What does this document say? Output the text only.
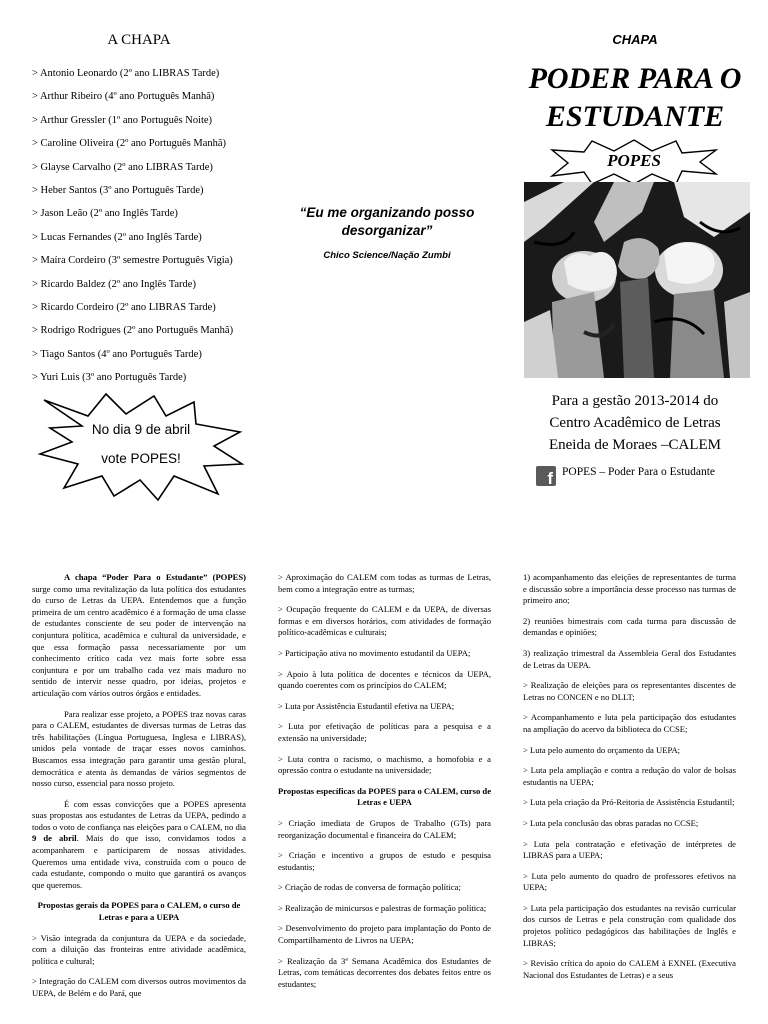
A CHAPA
> Antonio Leonardo (2º ano LIBRAS Tarde)
> Arthur Ribeiro (4º ano Português Manhã)
> Arthur Gressler (1º ano Português Noite)
> Caroline Oliveira (2º ano Português Manhã)
> Glayse Carvalho (2º ano LIBRAS Tarde)
> Heber Santos (3º ano Português Tarde)
> Jason Leão (2º ano Inglês Tarde)
> Lucas Fernandes (2º ano Inglês Tarde)
> Maíra Cordeiro (3º semestre Português Vigia)
> Ricardo Baldez (2º ano Inglês Tarde)
> Ricardo Cordeiro (2º ano LIBRAS Tarde)
> Rodrigo Rodrigues (2º ano Português Manhã)
> Tiago Santos (4º ano Português Tarde)
> Yuri Luis (3º ano Português Tarde)
No dia 9 de abril
vote POPES!
“Eu me organizando posso desorganizar”
Chico Science/Nação Zumbi
CHAPA
PODER PARA O
ESTUDANTE
POPES
Para a gestão 2013-2014 do
Centro Acadêmico de Letras
Eneida de Moraes –CALEM
f POPES – Poder Para o Estudante

A chapa “Poder Para o Estudante” (POPES) surge como uma revitalização da luta política dos estudantes do curso de Letras da UEPA. Entendemos que a função primeira de um centro acadêmico é a formação de uma classe de estudantes consciente de seu poder de intervenção na conjuntura política, acadêmica e cultural da universidade, e que essa formação passa necessariamente por um conhecimento crítico cada vez mais forte sobre essa conjuntura e por um trabalho cada vez mais maduro no sentido de intervir nesse quadro, por ideias, projetos e articulação com vários outros órgãos e entidades.

Para realizar esse projeto, a POPES traz novas caras para o CALEM, estudantes de diversas turmas de Letras das três habilitações (Língua Portuguesa, Inglesa e LIBRAS), unidos pela vontade de traçar esses novos caminhos. Buscamos essa integração para garantir uma gestão plural, democrática e atenta às demandas de vários segmentos de nosso curso, essencial para nosso projeto.

É com essas convicções que a POPES apresenta suas propostas aos estudantes de Letras da UEPA, pedindo a todos o voto de confiança nas eleições para o CALEM, no dia 9 de abril. Mais do que isso, convidamos todos a acompanharem e participarem de nossas atividades. Queremos uma entidade viva, construída com o pouco de cada estudante, compondo o muito que garantirá os avanços que queremos.

Propostas gerais da POPES para o CALEM, o curso de Letras e para a UEPA

> Visão integrada da conjuntura da UEPA e da sociedade, com a diluição das fronteiras entre atividade acadêmica, política e cultural;

> Integração do CALEM com diversos outros movimentos da UEPA, de Belém e do Pará, que

> Aproximação do CALEM com todas as turmas de Letras, bem como a integração entre as turmas;

> Ocupação frequente do CALEM e da UEPA, de diversas formas e em diversos horários, com atividades de formação político-acadêmicas e culturais;

> Participação ativa no movimento estudantil da UEPA;

> Apoio à luta política de docentes e técnicos da UEPA, quando coerentes com os princípios do CALEM;

> Luta por Assistência Estudantil efetiva na UEPA;

> Luta por efetivação de políticas para a pesquisa e a extensão na universidade;

> Luta contra o racismo, o machismo, a homofobia e a opressão contra o estudante na universidade;

Propostas específicas da POPES para o CALEM, curso de Letras e UEPA

> Criação imediata de Grupos de Trabalho (GTs) para reorganização documental e financeira do CALEM;

> Criação e incentivo a grupos de estudo e pesquisa estudantis;

> Criação de rodas de conversa de formação política;

> Realização de minicursos e palestras de formação política;

> Desenvolvimento do projeto para implantação do Ponto de Compartilhamento de Livros na UEPA;

> Realização da 3ª Semana Acadêmica dos Estudantes de Letras, com temáticas decorrentes dos debates feitos entre os estudantes;

1) acompanhamento das eleições de representantes de turma e discussão sobre a importância desse processo nas turmas de primeiro ano;

2) reuniões bimestrais com cada turma para discussão de demandas e opiniões;

3) realização trimestral da Assembleia Geral dos Estudantes de Letras da UEPA.

> Realização de eleições para os representantes discentes de Letras no CONCEN e no DLLT;

> Acompanhamento e luta pela participação dos estudantes na ampliação do acervo da biblioteca do CCSE;

> Luta pelo aumento do orçamento da UEPA;

> Luta pela ampliação e contra a redução do valor de bolsas estudantis na UEPA;

> Luta pela criação da Pró-Reitoria de Assistência Estudantil;

> Luta pela conclusão das obras paradas no CCSE;

> Luta pela contratação e efetivação de intérpretes de LIBRAS para a UEPA;

> Luta pelo aumento do quadro de professores efetivos na UEPA;

> Luta pela participação dos estudantes na revisão curricular dos cursos de Letras e pela construção com qualidade dos projetos político pedagógicos das habilitações de Inglês e LIBRAS;

> Revisão crítica do apoio do CALEM à EXNEL (Executiva Nacional dos Estudantes de Letras) e a seus
